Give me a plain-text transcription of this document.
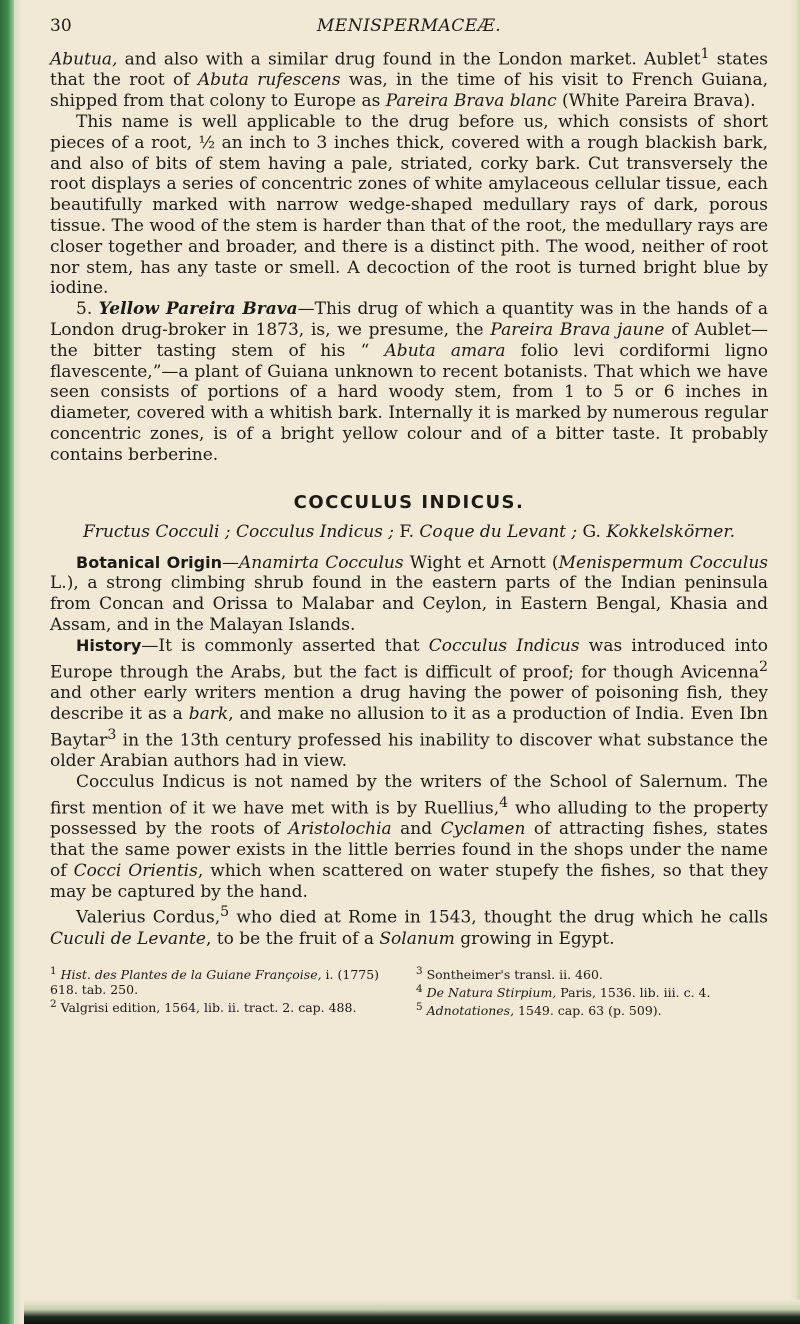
30	MENISPERMACEÆ.

Abutua, and also with a similar drug found in the London market. Aublet$^1$ states that the root of Abuta rufescens was, in the time of his visit to French Guiana, shipped from that colony to Europe as Pareira Brava blanc (White Pareira Brava).

This name is well applicable to the drug before us, which consists of short pieces of a root, ½ an inch to 3 inches thick, covered with a rough blackish bark, and also of bits of stem having a pale, striated, corky bark. Cut transversely the root displays a series of concentric zones of white amylaceous cellular tissue, each beautifully marked with narrow wedge-shaped medullary rays of dark, porous tissue. The wood of the stem is harder than that of the root, the medullary rays are closer together and broader, and there is a distinct pith. The wood, neither of root nor stem, has any taste or smell. A decoction of the root is turned bright blue by iodine.

5. Yellow Pareira Brava—This drug of which a quantity was in the hands of a London drug-broker in 1873, is, we presume, the Pareira Brava jaune of Aublet—the bitter tasting stem of his “ Abuta amara folio levi cordiformi ligno flavescente,”—a plant of Guiana unknown to recent botanists. That which we have seen consists of portions of a hard woody stem, from 1 to 5 or 6 inches in diameter, covered with a whitish bark. Internally it is marked by numerous regular concentric zones, is of a bright yellow colour and of a bitter taste. It probably contains berberine.

COCCULUS INDICUS.
Fructus Cocculi ; Cocculus Indicus ; F. Coque du Levant ; G. Kokkelskörner.

Botanical Origin—Anamirta Cocculus Wight et Arnott (Menispermum Cocculus L.), a strong climbing shrub found in the eastern parts of the Indian peninsula from Concan and Orissa to Malabar and Ceylon, in Eastern Bengal, Khasia and Assam, and in the Malayan Islands.

History—It is commonly asserted that Cocculus Indicus was introduced into Europe through the Arabs, but the fact is difficult of proof; for though Avicenna$^2$ and other early writers mention a drug having the power of poisoning fish, they describe it as a bark, and make no allusion to it as a production of India. Even Ibn Baytar$^3$ in the 13th century professed his inability to discover what substance the older Arabian authors had in view.

Cocculus Indicus is not named by the writers of the School of Salernum. The first mention of it we have met with is by Ruellius,$^4$ who alluding to the property possessed by the roots of Aristolochia and Cyclamen of attracting fishes, states that the same power exists in the little berries found in the shops under the name of Cocci Orientis, which when scattered on water stupefy the fishes, so that they may be captured by the hand.

Valerius Cordus,$^5$ who died at Rome in 1543, thought the drug which he calls Cuculi de Levante, to be the fruit of a Solanum growing in Egypt.

$^1$ Hist. des Plantes de la Guiane Françoise, i. (1775) 618. tab. 250.

$^2$ Valgrisi edition, 1564, lib. ii. tract. 2. cap. 488.

$^3$ Sontheimer's transl. ii. 460.

$^4$ De Natura Stirpium, Paris, 1536. lib. iii. c. 4.

$^5$ Adnotationes, 1549. cap. 63 (p. 509).
